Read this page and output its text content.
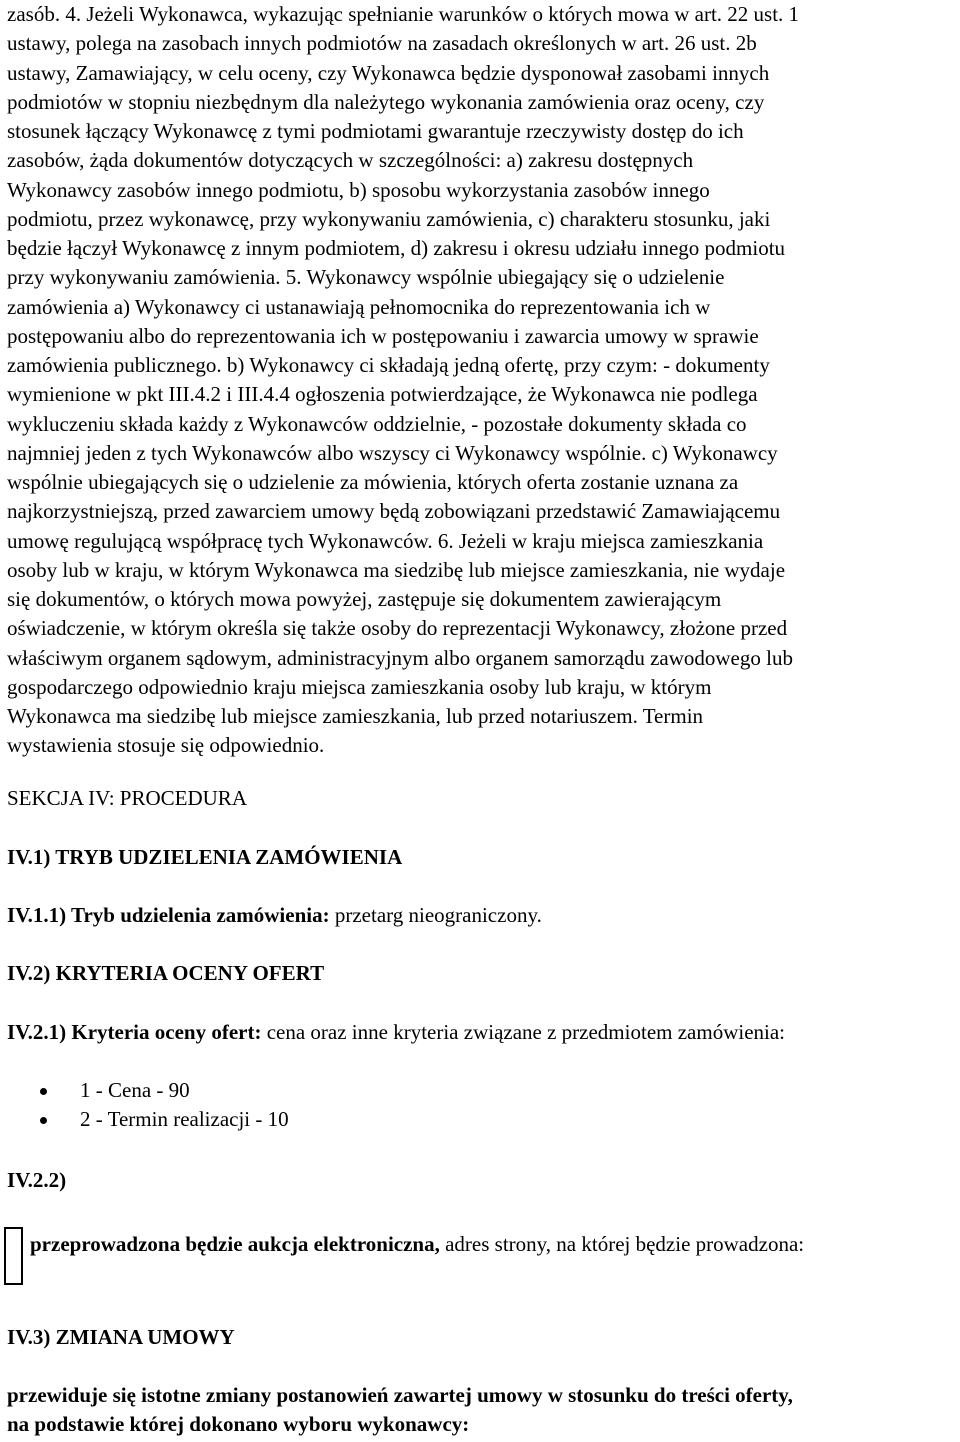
zasób. 4. Jeżeli Wykonawca, wykazując spełnianie warunków o których mowa w art. 22 ust. 1
ustawy, polega na zasobach innych podmiotów na zasadach określonych w art. 26 ust. 2b
ustawy, Zamawiający, w celu oceny, czy Wykonawca będzie dysponował zasobami innych
podmiotów w stopniu niezbędnym dla należytego wykonania zamówienia oraz oceny, czy
stosunek łączący Wykonawcę z tymi podmiotami gwarantuje rzeczywisty dostęp do ich
zasobów, żąda dokumentów dotyczących w szczególności: a) zakresu dostępnych
Wykonawcy zasobów innego podmiotu, b) sposobu wykorzystania zasobów innego
podmiotu, przez wykonawcę, przy wykonywaniu zamówienia, c) charakteru stosunku, jaki
będzie łączył Wykonawcę z innym podmiotem, d) zakresu i okresu udziału innego podmiotu
przy wykonywaniu zamówienia. 5. Wykonawcy wspólnie ubiegający się o udzielenie
zamówienia a) Wykonawcy ci ustanawiają pełnomocnika do reprezentowania ich w
postępowaniu albo do reprezentowania ich w postępowaniu i zawarcia umowy w sprawie
zamówienia publicznego. b) Wykonawcy ci składają jedną ofertę, przy czym: - dokumenty
wymienione w pkt III.4.2 i III.4.4 ogłoszenia potwierdzające, że Wykonawca nie podlega
wykluczeniu składa każdy z Wykonawców oddzielnie, - pozostałe dokumenty składa co
najmniej jeden z tych Wykonawców albo wszyscy ci Wykonawcy wspólnie. c) Wykonawcy
wspólnie ubiegających się o udzielenie za mówienia, których oferta zostanie uznana za
najkorzystniejszą, przed zawarciem umowy będą zobowiązani przedstawić Zamawiającemu
umowę regulującą współpracę tych Wykonawców. 6. Jeżeli w kraju miejsca zamieszkania
osoby lub w kraju, w którym Wykonawca ma siedzibę lub miejsce zamieszkania, nie wydaje
się dokumentów, o których mowa powyżej, zastępuje się dokumentem zawierającym
oświadczenie, w którym określa się także osoby do reprezentacji Wykonawcy, złożone przed
właściwym organem sądowym, administracyjnym albo organem samorządu zawodowego lub
gospodarczego odpowiednio kraju miejsca zamieszkania osoby lub kraju, w którym
Wykonawca ma siedzibę lub miejsce zamieszkania, lub przed notariuszem. Termin
wystawienia stosuje się odpowiednio.
SEKCJA IV: PROCEDURA
IV.1) TRYB UDZIELENIA ZAMÓWIENIA
IV.1.1) Tryb udzielenia zamówienia: przetarg nieograniczony.
IV.2) KRYTERIA OCENY OFERT
IV.2.1) Kryteria oceny ofert: cena oraz inne kryteria związane z przedmiotem zamówienia:
1 - Cena - 90
2 - Termin realizacji - 10
IV.2.2)

przeprowadzona będzie aukcja elektroniczna, adres strony, na której będzie prowadzona:

IV.3) ZMIANA UMOWY

przewiduje się istotne zmiany postanowień zawartej umowy w stosunku do treści oferty,
na podstawie której dokonano wyboru wykonawcy:
